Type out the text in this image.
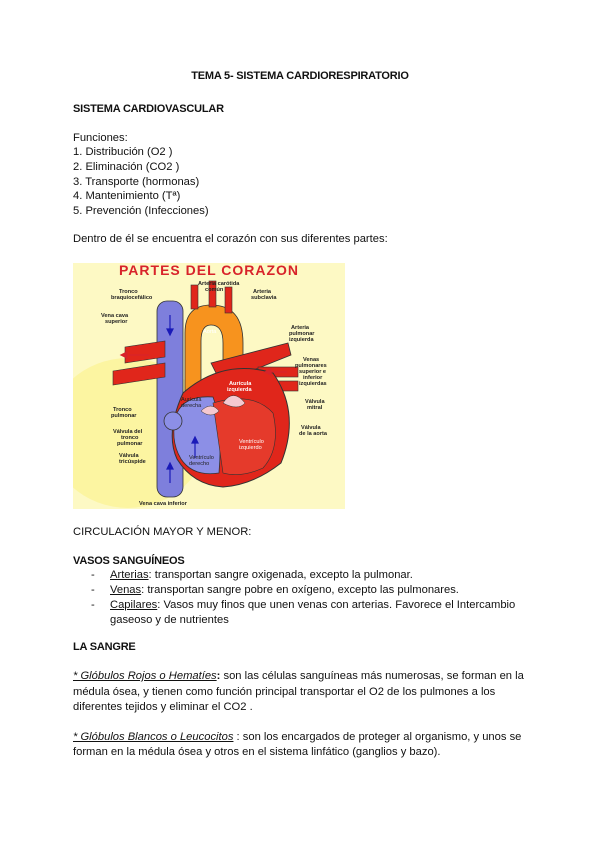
TEMA 5- SISTEMA CARDIORESPIRATORIO
SISTEMA CARDIOVASCULAR
Funciones:
1. Distribución (O2 )
2. Eliminación (CO2 )
3. Transporte (hormonas)
4. Mantenimiento (Tª)
5. Prevención (Infecciones)
Dentro de él se encuentra el corazón con sus diferentes partes:
PARTES DEL CORAZON
Tronco braquiocefálico
Arteria carótida común	Arteria subclavia
Vena cava superior
Aorta
Arteria pulmonar izquierda
Venas pulmonares superior e inferior izquierdas
Aurícula izquierda
Aurícula derecha
Válvula mitral
Tronco pulmonar
Válvula de la aorta
Válvula del tronco pulmonar
Válvula tricúspide
Ventrículo izquierdo
Ventrículo derecho
Vena cava inferior
CIRCULACIÓN MAYOR Y MENOR:
VASOS SANGUÍNEOS
- Arterias: transportan sangre oxigenada, excepto la pulmonar.
- Venas: transportan sangre pobre en oxígeno, excepto las pulmonares.
- Capilares: Vasos muy finos que unen venas con arterias. Favorece el Intercambio
gaseoso y de nutrientes
LA SANGRE
* Glóbulos Rojos o Hematíes: son las células sanguíneas más numerosas, se forman en la
médula ósea, y tienen como función principal transportar el O2 de los pulmones a los
diferentes tejidos y eliminar el CO2 .
* Glóbulos Blancos o Leucocitos : son los encargados de proteger al organismo, y unos se
forman en la médula ósea y otros en el sistema linfático (ganglios y bazo).
